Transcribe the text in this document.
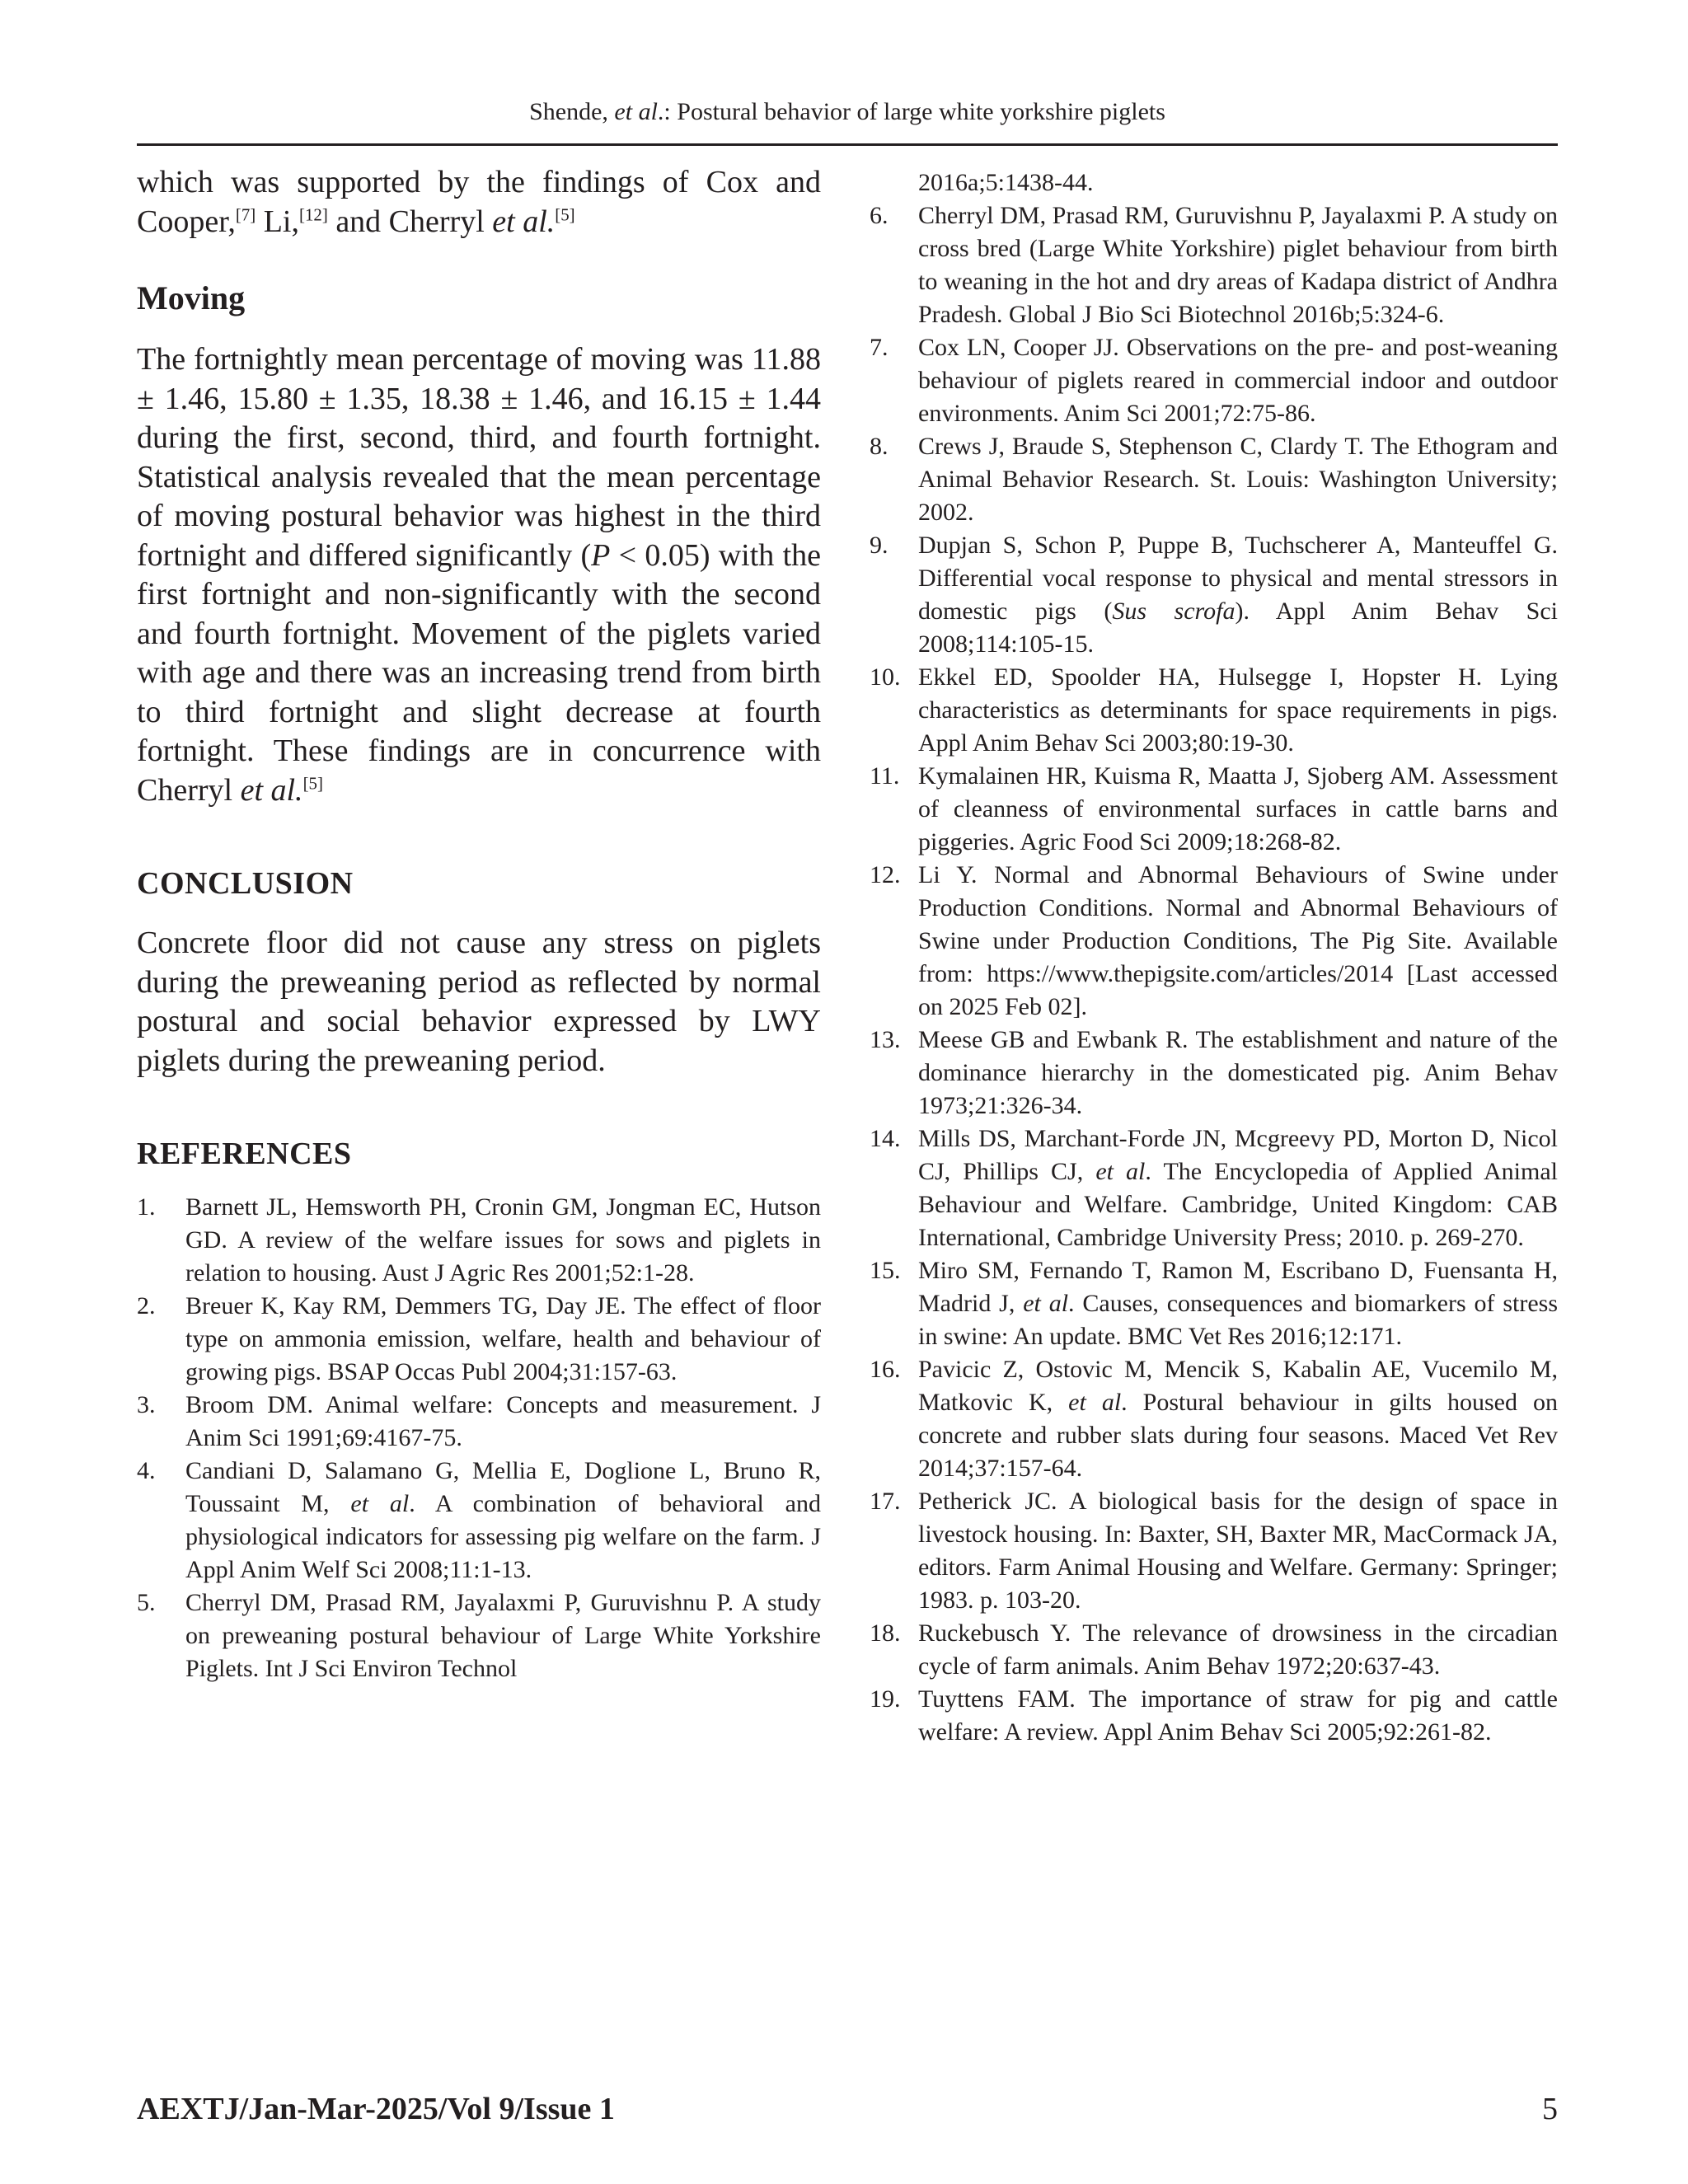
Shende, et al.: Postural behavior of large white yorkshire piglets

which was supported by the findings of Cox and Cooper,[7] Li,[12] and Cherryl et al.[5]

Moving

The fortnightly mean percentage of moving was 11.88 ± 1.46, 15.80 ± 1.35, 18.38 ± 1.46, and 16.15 ± 1.44 during the first, second, third, and fourth fortnight. Statistical analysis revealed that the mean percentage of moving postural behavior was highest in the third fortnight and differed significantly (P < 0.05) with the first fortnight and non-significantly with the second and fourth fortnight. Movement of the piglets varied with age and there was an increasing trend from birth to third fortnight and slight decrease at fourth fortnight. These findings are in concurrence with Cherryl et al.[5]

CONCLUSION

Concrete floor did not cause any stress on piglets during the preweaning period as reflected by normal postural and social behavior expressed by LWY piglets during the preweaning period.

REFERENCES

1.	Barnett JL, Hemsworth PH, Cronin GM, Jongman EC, Hutson GD. A review of the welfare issues for sows and piglets in relation to housing. Aust J Agric Res 2001;52:1-28.
2.	Breuer K, Kay RM, Demmers TG, Day JE. The effect of floor type on ammonia emission, welfare, health and behaviour of growing pigs. BSAP Occas Publ 2004;31:157-63.
3.	Broom DM. Animal welfare: Concepts and measurement. J Anim Sci 1991;69:4167-75.
4.	Candiani D, Salamano G, Mellia E, Doglione L, Bruno R, Toussaint M, et al. A combination of behavioral and physiological indicators for assessing pig welfare on the farm. J Appl Anim Welf Sci 2008;11:1-13.
5.	Cherryl DM, Prasad RM, Jayalaxmi P, Guruvishnu P. A study on preweaning postural behaviour of Large White Yorkshire Piglets. Int J Sci Environ Technol

2016a;5:1438-44.

6.	Cherryl DM, Prasad RM, Guruvishnu P, Jayalaxmi P. A study on cross bred (Large White Yorkshire) piglet behaviour from birth to weaning in the hot and dry areas of Kadapa district of Andhra Pradesh. Global J Bio Sci Biotechnol 2016b;5:324-6.
7.	Cox LN, Cooper JJ. Observations on the pre- and post-weaning behaviour of piglets reared in commercial indoor and outdoor environments. Anim Sci 2001;72:75-86.
8.	Crews J, Braude S, Stephenson C, Clardy T. The Ethogram and Animal Behavior Research. St. Louis: Washington University; 2002.
9.	Dupjan S, Schon P, Puppe B, Tuchscherer A, Manteuffel G. Differential vocal response to physical and mental stressors in domestic pigs (Sus scrofa). Appl Anim Behav Sci 2008;114:105-15.
10. Ekkel ED, Spoolder HA, Hulsegge I, Hopster H. Lying characteristics as determinants for space requirements in pigs. Appl Anim Behav Sci 2003;80:19-30.
11. Kymalainen HR, Kuisma R, Maatta J, Sjoberg AM. Assessment of cleanness of environmental surfaces in cattle barns and piggeries. Agric Food Sci 2009;18:268-82.
12. Li Y. Normal and Abnormal Behaviours of Swine under Production Conditions. Normal and Abnormal Behaviours of Swine under Production Conditions, The Pig Site. Available from: https://www.thepigsite.com/articles/2014 [Last accessed on 2025 Feb 02].
13. Meese GB and Ewbank R. The establishment and nature of the dominance hierarchy in the domesticated pig. Anim Behav 1973;21:326-34.
14. Mills DS, Marchant-Forde JN, Mcgreevy PD, Morton D, Nicol CJ, Phillips CJ, et al. The Encyclopedia of Applied Animal Behaviour and Welfare. Cambridge, United Kingdom: CAB International, Cambridge University Press; 2010. p. 269-270.
15. Miro SM, Fernando T, Ramon M, Escribano D, Fuensanta H, Madrid J, et al. Causes, consequences and biomarkers of stress in swine: An update. BMC Vet Res 2016;12:171.
16. Pavicic Z, Ostovic M, Mencik S, Kabalin AE, Vucemilo M, Matkovic K, et al. Postural behaviour in gilts housed on concrete and rubber slats during four seasons. Maced Vet Rev 2014;37:157-64.
17. Petherick JC. A biological basis for the design of space in livestock housing. In: Baxter, SH, Baxter MR, MacCormack JA, editors. Farm Animal Housing and Welfare. Germany: Springer; 1983. p. 103-20.
18. Ruckebusch Y. The relevance of drowsiness in the circadian cycle of farm animals. Anim Behav 1972;20:637-43.
19. Tuyttens FAM. The importance of straw for pig and cattle welfare: A review. Appl Anim Behav Sci 2005;92:261-82.
AEXTJ/Jan-Mar-2025/Vol 9/Issue 1	5
